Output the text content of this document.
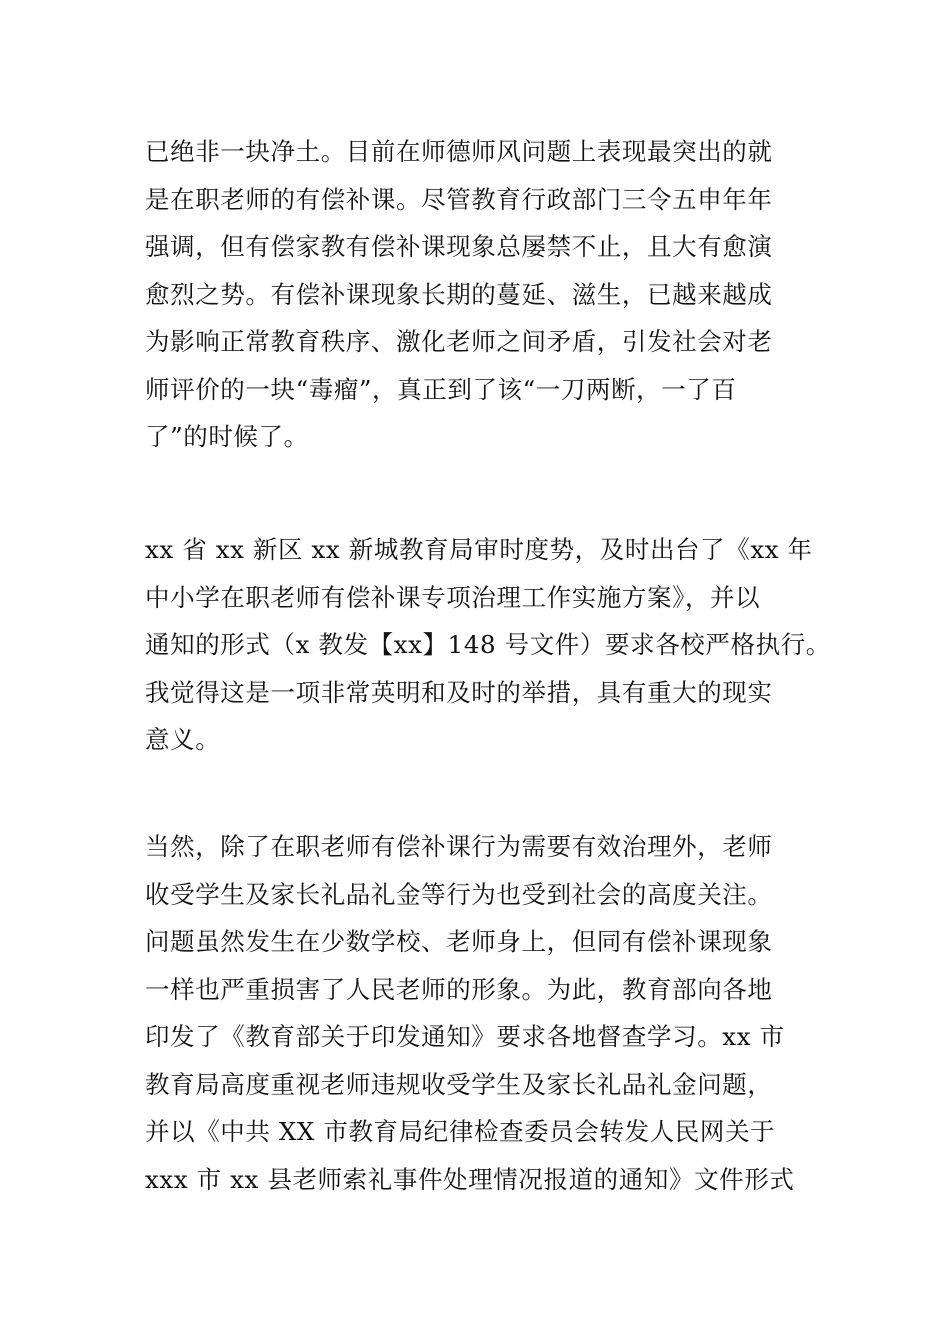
已绝非一块净土。目前在师德师风问题上表现最突出的就
是在职老师的有偿补课。尽管教育行政部门三令五申年年
强调，但有偿家教有偿补课现象总屡禁不止，且大有愈演
愈烈之势。有偿补课现象长期的蔓延、滋生，已越来越成
为影响正常教育秩序、激化老师之间矛盾，引发社会对老
师评价的一块“毒瘤”，真正到了该“一刀两断，一了百
了”的时候了。

xx 省 xx 新区 xx 新城教育局审时度势，及时出台了《xx 年
中小学在职老师有偿补课专项治理工作实施方案》，并以
通知的形式（x 教发【xx】148 号文件）要求各校严格执行。
我觉得这是一项非常英明和及时的举措，具有重大的现实
意义。

当然，除了在职老师有偿补课行为需要有效治理外，老师
收受学生及家长礼品礼金等行为也受到社会的高度关注。
问题虽然发生在少数学校、老师身上，但同有偿补课现象
一样也严重损害了人民老师的形象。为此，教育部向各地
印发了《教育部关于印发通知》要求各地督查学习。xx 市
教育局高度重视老师违规收受学生及家长礼品礼金问题，
并以《中共 XX 市教育局纪律检查委员会转发人民网关于
xxx 市 xx 县老师索礼事件处理情况报道的通知》文件形式
